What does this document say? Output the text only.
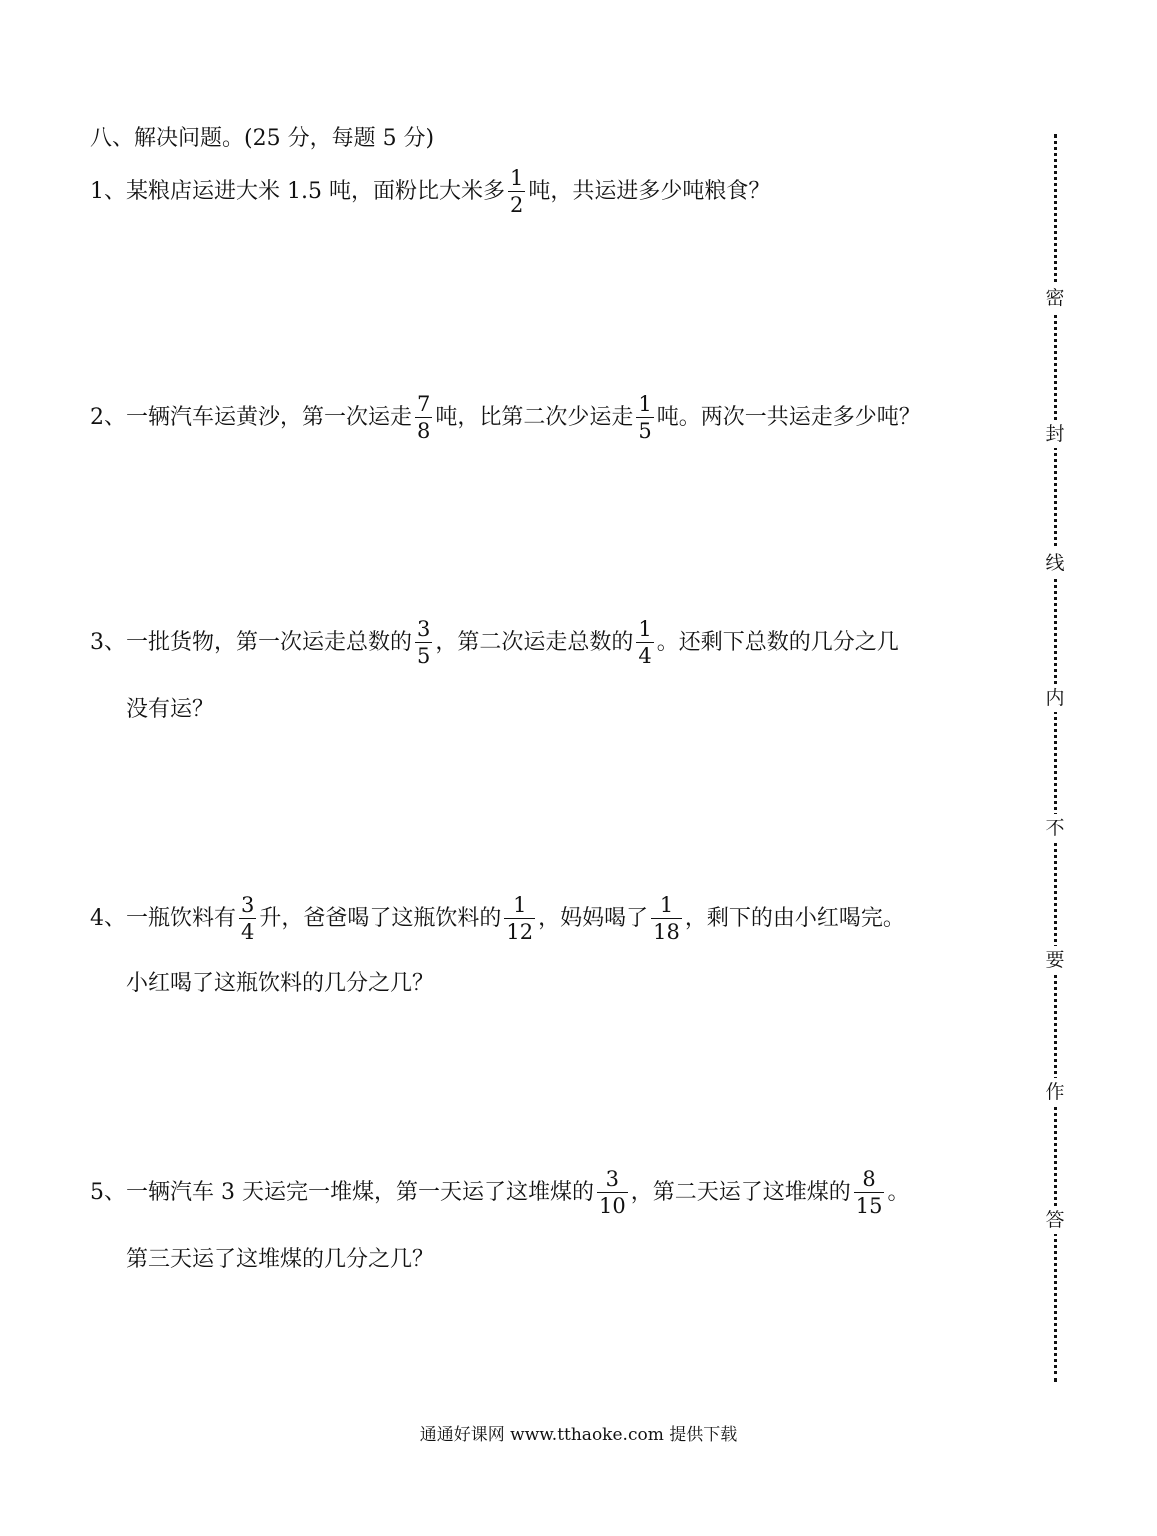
八、解决问题。(25 分，每题 5 分)
1、某粮店运进大米 1.5 吨，面粉比大米多 $\frac{1}{2}$ 吨，共运进多少吨粮食？
2、一辆汽车运黄沙，第一次运走 $\frac{7}{8}$ 吨，比第二次少运走 $\frac{1}{5}$ 吨。两次一共运走多少吨？
3、一批货物，第一次运走总数的 $\frac{3}{5}$ ，第二次运走总数的 $\frac{1}{4}$ 。还剩下总数的几分之几
没有运？
4、一瓶饮料有 $\frac{3}{4}$ 升，爸爸喝了这瓶饮料的 $\frac{1}{12}$ ，妈妈喝了 $\frac{1}{18}$ ，剩下的由小红喝完。
小红喝了这瓶饮料的几分之几？
5、一辆汽车 3 天运完一堆煤，第一天运了这堆煤的 $\frac{3}{10}$ ，第二天运了这堆煤的 $\frac{8}{15}$ 。
第三天运了这堆煤的几分之几？
密
封
线
内
不
要
作
答
通通好课网 www.tthaoke.com 提供下载
